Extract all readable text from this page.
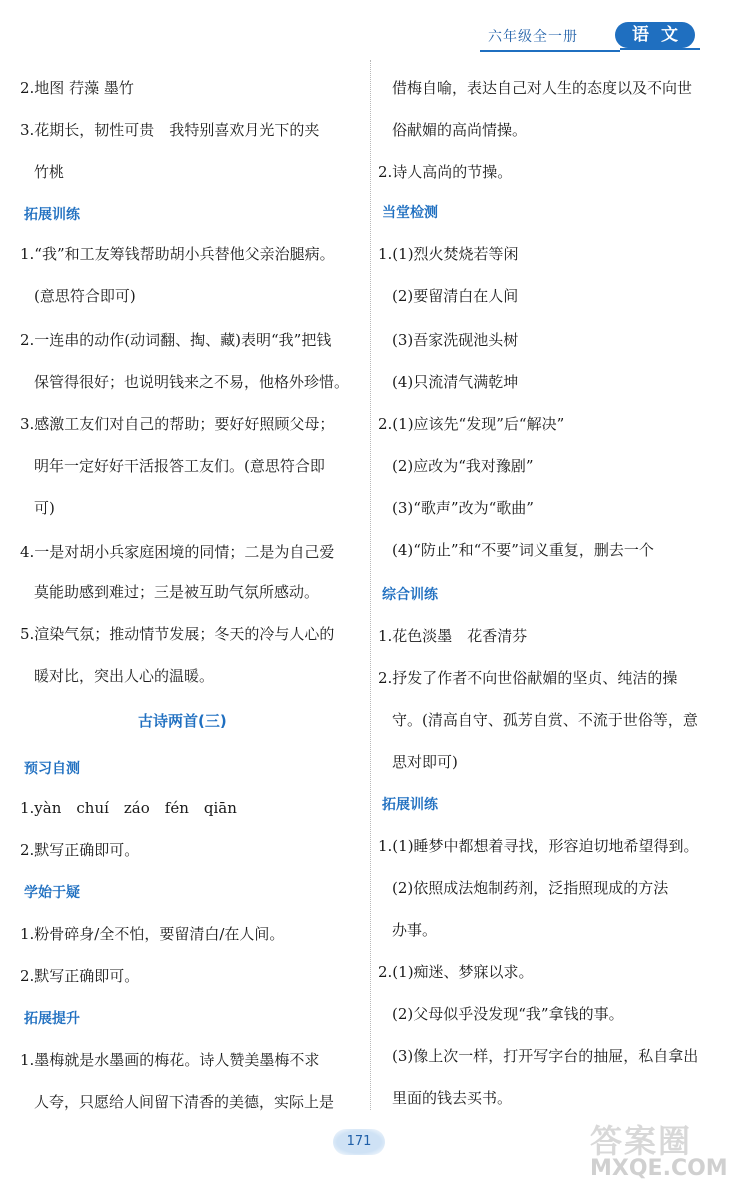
六年级全一册	语文
2.地图 荇藻 墨竹
3.花期长，韧性可贵　我特别喜欢月光下的夹
竹桃
拓展训练
1.“我”和工友筹钱帮助胡小兵替他父亲治腿病。
(意思符合即可)
2.一连串的动作(动词翻、掏、藏)表明“我”把钱
保管得很好；也说明钱来之不易，他格外珍惜。
3.感激工友们对自己的帮助；要好好照顾父母；
明年一定好好干活报答工友们。(意思符合即
可)
4.一是对胡小兵家庭困境的同情；二是为自己爱
莫能助感到难过；三是被互助气氛所感动。
5.渲染气氛；推动情节发展；冬天的冷与人心的
暖对比，突出人心的温暖。
古诗两首(三)
预习自测
1.yàn　chuí　záo　fén　qiān
2.默写正确即可。
学始于疑
1.粉骨碎身/全不怕，要留清白/在人间。
2.默写正确即可。
拓展提升
1.墨梅就是水墨画的梅花。诗人赞美墨梅不求
人夸，只愿给人间留下清香的美德，实际上是
借梅自喻，表达自己对人生的态度以及不向世
俗献媚的高尚情操。
2.诗人高尚的节操。
当堂检测
1.(1)烈火焚烧若等闲
(2)要留清白在人间
(3)吾家洗砚池头树
(4)只流清气满乾坤
2.(1)应该先“发现”后“解决”
(2)应改为“我对豫剧”
(3)“歌声”改为“歌曲”
(4)“防止”和“不要”词义重复，删去一个
综合训练
1.花色淡墨　花香清芬
2.抒发了作者不向世俗献媚的坚贞、纯洁的操
守。(清高自守、孤芳自赏、不流于世俗等，意
思对即可)
拓展训练
1.(1)睡梦中都想着寻找，形容迫切地希望得到。
(2)依照成法炮制药剂，泛指照现成的方法
办事。
2.(1)痴迷、梦寐以求。
(2)父母似乎没发现“我”拿钱的事。
(3)像上次一样，打开写字台的抽屉，私自拿出
里面的钱去买书。
171	答案圈
MXQE.COM
